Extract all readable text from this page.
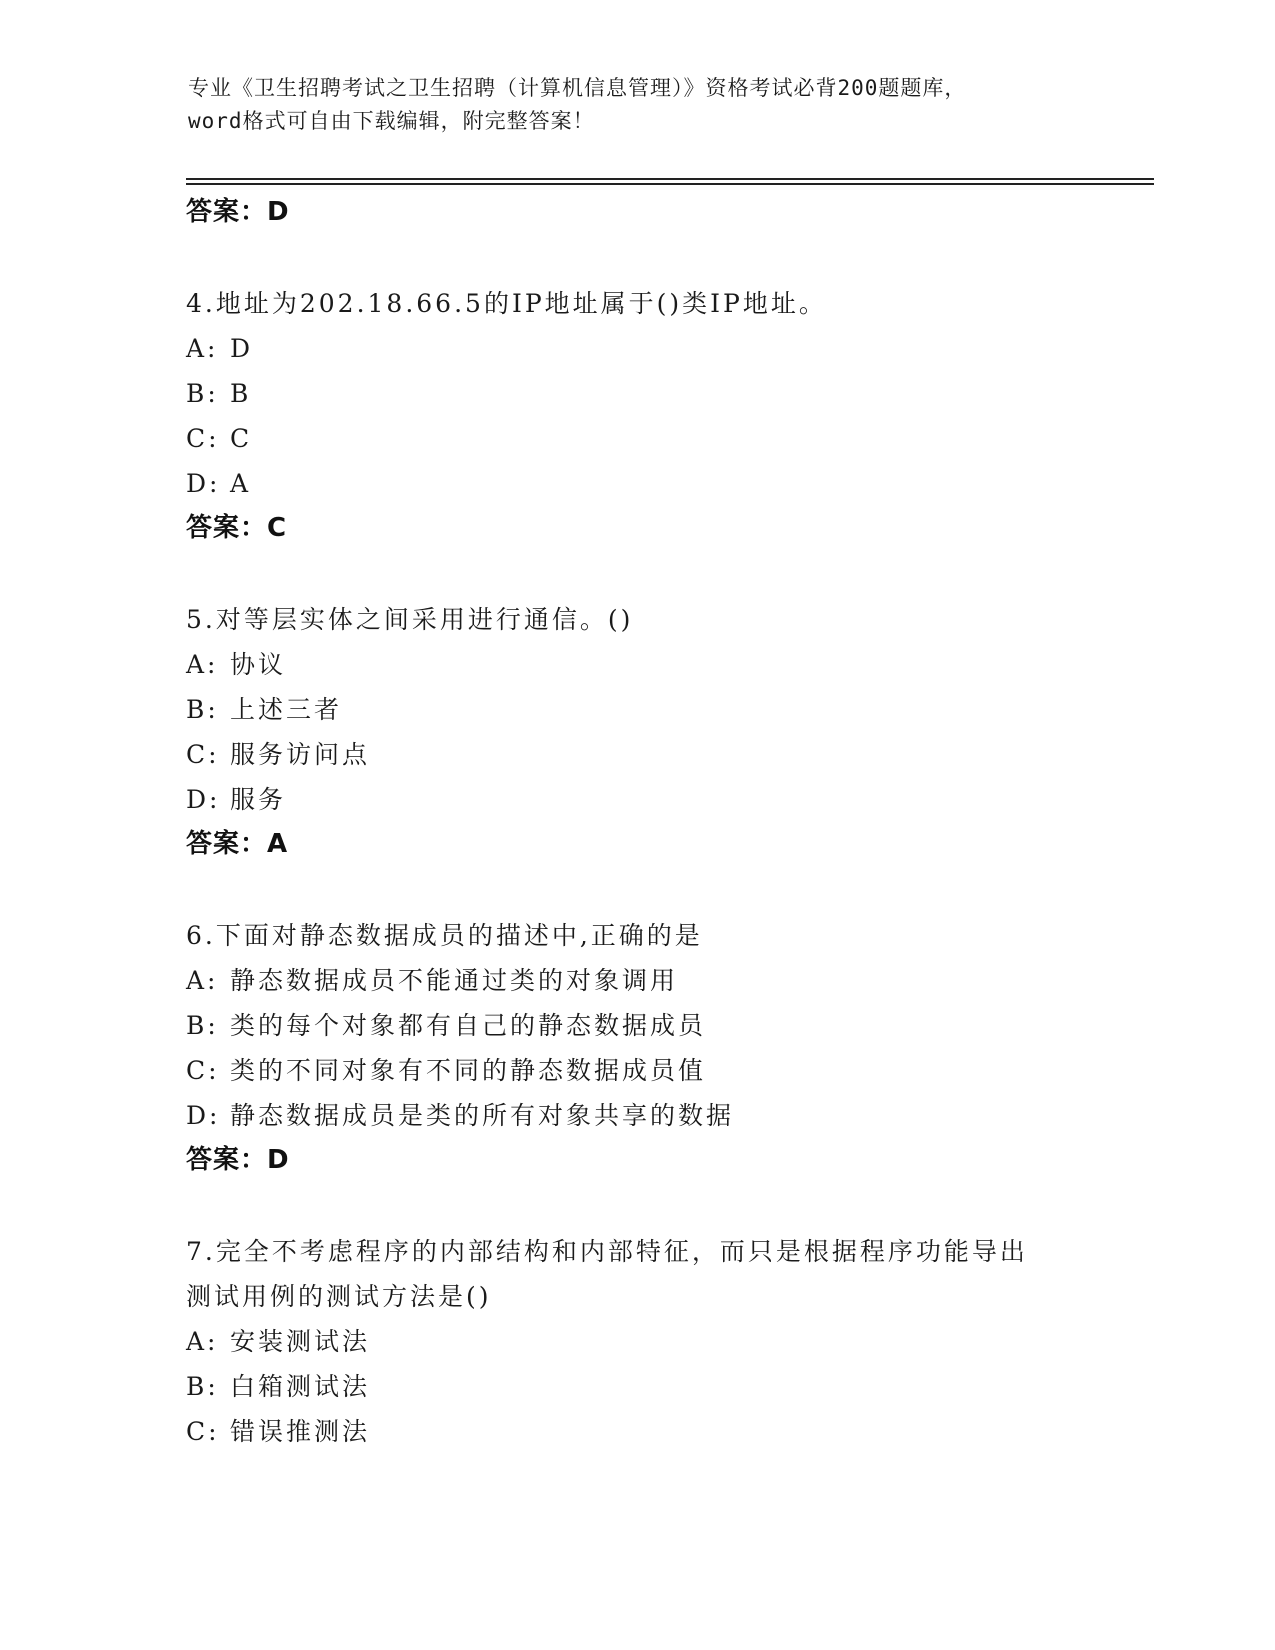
专业《卫生招聘考试之卫生招聘（计算机信息管理）》资格考试必背200题题库，
word格式可自由下载编辑，附完整答案！
答案：D
4.地址为202.18.66.5的IP地址属于()类IP地址。
A: D
B: B
C: C
D: A
答案：C
5.对等层实体之间采用进行通信。()
A: 协议
B: 上述三者
C: 服务访问点
D: 服务
答案：A
6.下面对静态数据成员的描述中,正确的是
A: 静态数据成员不能通过类的对象调用
B: 类的每个对象都有自己的静态数据成员
C: 类的不同对象有不同的静态数据成员值
D: 静态数据成员是类的所有对象共享的数据
答案：D
7.完全不考虑程序的内部结构和内部特征，而只是根据程序功能导出
测试用例的测试方法是()
A: 安装测试法
B: 白箱测试法
C: 错误推测法
